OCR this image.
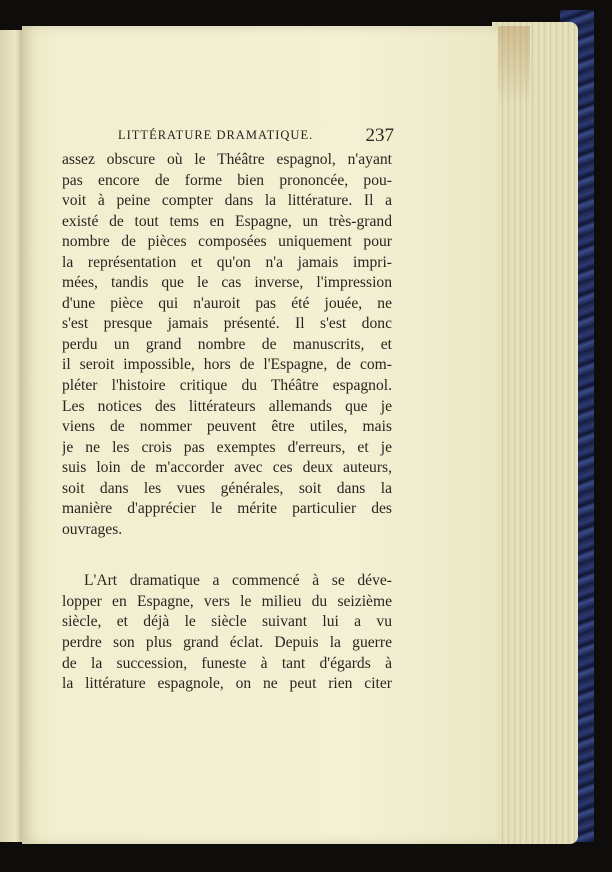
LITTÉRATURE DRAMATIQUE.	237
assez obscure où le Théâtre espagnol, n'ayant
pas encore de forme bien prononcée, pou-
voit à peine compter dans la littérature. Il a
existé de tout tems en Espagne, un très-grand
nombre de pièces composées uniquement pour
la représentation et qu'on n'a jamais impri-
mées, tandis que le cas inverse, l'impression
d'une pièce qui n'auroit pas été jouée, ne
s'est presque jamais présenté. Il s'est donc
perdu un grand nombre de manuscrits, et
il seroit impossible, hors de l'Espagne, de com-
pléter l'histoire critique du Théâtre espagnol.
Les notices des littérateurs allemands que je
viens de nommer peuvent être utiles, mais
je ne les crois pas exemptes d'erreurs, et je
suis loin de m'accorder avec ces deux auteurs,
soit dans les vues générales, soit dans la
manière d'apprécier le mérite particulier des
ouvrages.
L'Art dramatique a commencé à se déve-
lopper en Espagne, vers le milieu du seizième
siècle, et déjà le siècle suivant lui a vu
perdre son plus grand éclat. Depuis la guerre
de la succession, funeste à tant d'égards à
la littérature espagnole, on ne peut rien citer
